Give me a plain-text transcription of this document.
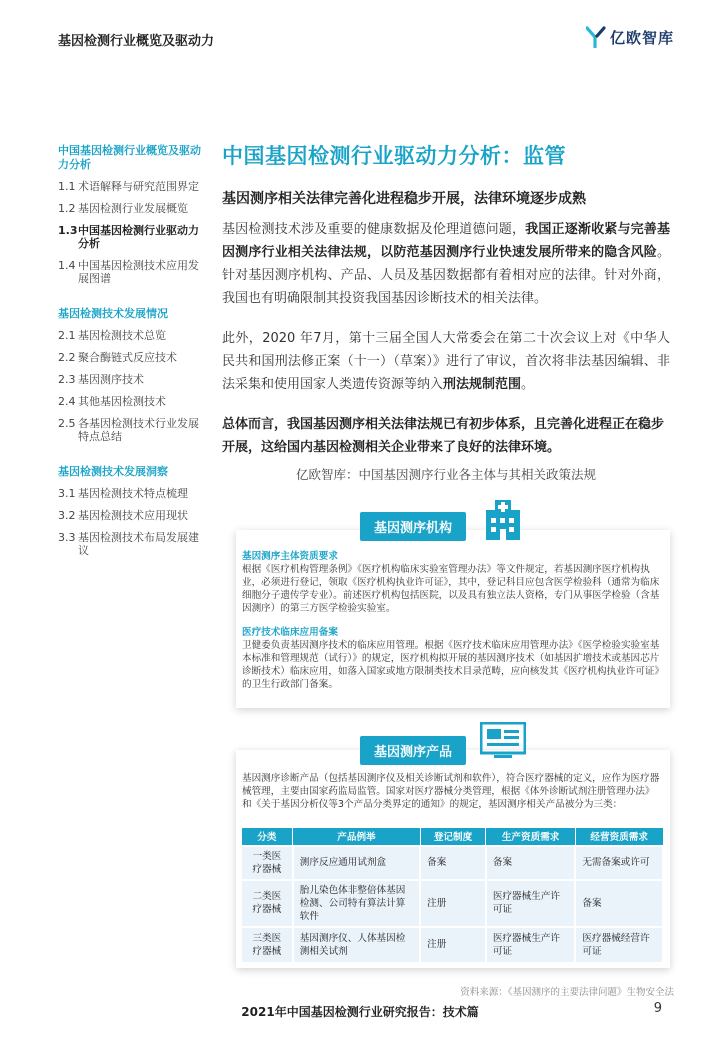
基因检测行业概览及驱动力	亿欧智库
中国基因检测行业概览及驱动力分析
1.1 术语解释与研究范围界定
1.2 基因检测行业发展概览
1.3 中国基因检测行业驱动力分析
1.4 中国基因检测技术应用发展图谱
基因检测技术发展情况
2.1 基因检测技术总览
2.2 聚合酶链式反应技术
2.3 基因测序技术
2.4 其他基因检测技术
2.5 各基因检测技术行业发展特点总结
基因检测技术发展洞察
3.1 基因检测技术特点梳理
3.2 基因检测技术应用现状
3.3 基因检测技术布局发展建议
中国基因检测行业驱动力分析：监管
基因测序相关法律完善化进程稳步开展，法律环境逐步成熟
基因检测技术涉及重要的健康数据及伦理道德问题，我国正逐渐收紧与完善基因测序行业相关法律法规，以防范基因测序行业快速发展所带来的隐含风险。针对基因测序机构、产品、人员及基因数据都有着相对应的法律。针对外商，我国也有明确限制其投资我国基因诊断技术的相关法律。
此外，2020 年7月，第十三届全国人大常委会在第二十次会议上对《中华人民共和国刑法修正案（十一）（草案）》进行了审议，首次将非法基因编辑、非法采集和使用国家人类遗传资源等纳入刑法规制范围。
总体而言，我国基因测序相关法律法规已有初步体系，且完善化进程正在稳步开展，这给国内基因检测相关企业带来了良好的法律环境。
亿欧智库：中国基因测序行业各主体与其相关政策法规
基因测序机构
基因测序主体资质要求
根据《医疗机构管理条例》《医疗机构临床实验室管理办法》等文件规定，若基因测序医疗机构执业，必须进行登记，领取《医疗机构执业许可证》，其中，登记科目应包含医学检验科（通常为临床细胞分子遗传学专业）。前述医疗机构包括医院，以及具有独立法人资格，专门从事医学检验（含基因测序）的第三方医学检验实验室。
医疗技术临床应用备案
卫健委负责基因测序技术的临床应用管理。根据《医疗技术临床应用管理办法》《医学检验实验室基本标准和管理规范（试行）》的规定，医疗机构拟开展的基因测序技术（如基因扩增技术或基因芯片诊断技术）临床应用，如落入国家或地方限制类技术目录范畴，应向核发其《医疗机构执业许可证》的卫生行政部门备案。
基因测序产品
基因测序诊断产品（包括基因测序仪及相关诊断试剂和软件），符合医疗器械的定义，应作为医疗器械管理，主要由国家药监局监管。国家对医疗器械分类管理，根据《体外诊断试剂注册管理办法》和《关于基因分析仪等3个产品分类界定的通知》的规定，基因测序相关产品被分为三类：
分类	产品例举	登记制度	生产资质需求	经营资质需求
一类医疗器械	测序反应通用试剂盒	备案	备案	无需备案或许可
二类医疗器械	胎儿染色体非整倍体基因检测、公司特有算法计算软件	注册	医疗器械生产许可证	备案
三类医疗器械	基因测序仪、人体基因检测相关试剂	注册	医疗器械生产许可证	医疗器械经营许可证
资料来源：《基因测序的主要法律问题》生物安全法
2021年中国基因检测行业研究报告：技术篇	9
